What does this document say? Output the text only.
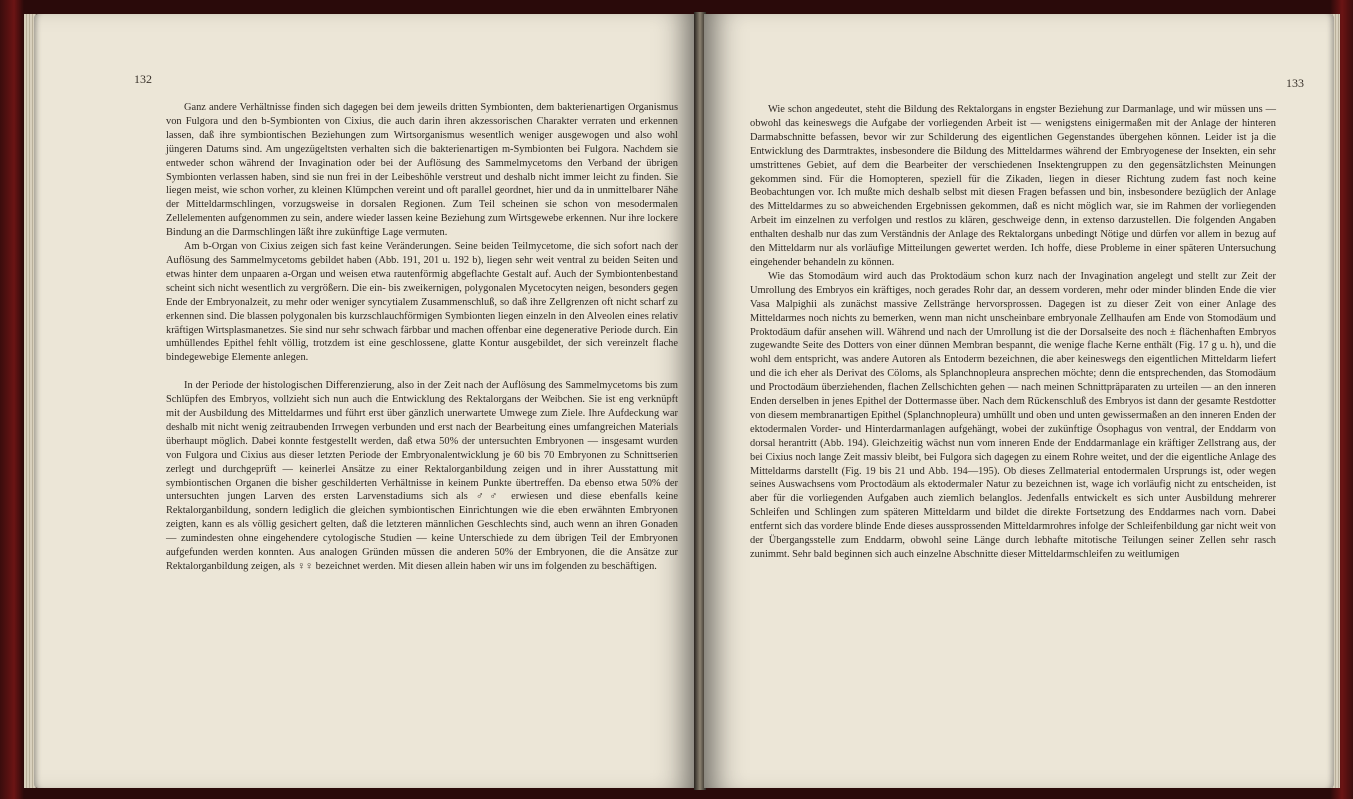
132

Ganz andere Verhältnisse finden sich dagegen bei dem jeweils dritten Symbionten, dem bakterienartigen Organismus von Fulgora und den b-Symbionten von Cixius, die auch darin ihren akzessorischen Charakter verraten und erkennen lassen, daß ihre symbiontischen Beziehungen zum Wirtsorganismus wesentlich weniger ausgewogen und also wohl jüngeren Datums sind. Am ungezügeltsten verhalten sich die bakterienartigen m-Symbionten bei Fulgora. Nachdem sie entweder schon während der Invagination oder bei der Auflösung des Sammelmycetoms den Verband der übrigen Symbionten verlassen haben, sind sie nun frei in der Leibeshöhle verstreut und deshalb nicht immer leicht zu finden. Sie liegen meist, wie schon vorher, zu kleinen Klümpchen vereint und oft parallel geordnet, hier und da in unmittelbarer Nähe der Mitteldarmschlingen, vorzugsweise in dorsalen Regionen. Zum Teil scheinen sie schon von mesodermalen Zellelementen aufgenommen zu sein, andere wieder lassen keine Beziehung zum Wirtsgewebe erkennen. Nur ihre lockere Bindung an die Darmschlingen läßt ihre zukünftige Lage vermuten.

Am b-Organ von Cixius zeigen sich fast keine Veränderungen. Seine beiden Teilmycetome, die sich sofort nach der Auflösung des Sammelmycetoms gebildet haben (Abb. 191, 201 u. 192 b), liegen sehr weit ventral zu beiden Seiten und etwas hinter dem unpaaren a-Organ und weisen etwa rautenförmig abgeflachte Gestalt auf. Auch der Symbiontenbestand scheint sich nicht wesentlich zu vergrößern. Die ein- bis zweikernigen, polygonalen Mycetocyten neigen, besonders gegen Ende der Embryonalzeit, zu mehr oder weniger syncytialem Zusammenschluß, so daß ihre Zellgrenzen oft nicht scharf zu erkennen sind. Die blassen polygonalen bis kurzschlauchförmigen Symbionten liegen einzeln in den Alveolen eines relativ kräftigen Wirtsplasmanetzes. Sie sind nur sehr schwach färbbar und machen offenbar eine degenerative Periode durch. Ein umhüllendes Epithel fehlt völlig, trotzdem ist eine geschlossene, glatte Kontur ausgebildet, der sich vereinzelt flache bindegewebige Elemente anlegen.

In der Periode der histologischen Differenzierung, also in der Zeit nach der Auflösung des Sammelmycetoms bis zum Schlüpfen des Embryos, vollzieht sich nun auch die Entwicklung des Rektalorgans der Weibchen. Sie ist eng verknüpft mit der Ausbildung des Mitteldarmes und führt erst über gänzlich unerwartete Umwege zum Ziele. Ihre Aufdeckung war deshalb mit nicht wenig zeitraubenden Irrwegen verbunden und erst nach der Bearbeitung eines umfangreichen Materials überhaupt möglich. Dabei konnte festgestellt werden, daß etwa 50% der untersuchten Embryonen — insgesamt wurden von Fulgora und Cixius aus dieser letzten Periode der Embryonalentwicklung je 60 bis 70 Embryonen zu Schnittserien zerlegt und durchgeprüft — keinerlei Ansätze zu einer Rektalorganbildung zeigen und in ihrer Ausstattung mit symbiontischen Organen die bisher geschilderten Verhältnisse in keinem Punkte übertreffen. Da ebenso etwa 50% der untersuchten jungen Larven des ersten Larvenstadiums sich als ♂♂ erwiesen und diese ebenfalls keine Rektalorganbildung, sondern lediglich die gleichen symbiontischen Einrichtungen wie die eben erwähnten Embryonen zeigten, kann es als völlig gesichert gelten, daß die letzteren männlichen Geschlechts sind, auch wenn an ihren Gonaden — zumindesten ohne eingehendere cytologische Studien — keine Unterschiede zu dem übrigen Teil der Embryonen aufgefunden werden konnten. Aus analogen Gründen müssen die anderen 50% der Embryonen, die die Ansätze zur Rektalorganbildung zeigen, als ♀♀ bezeichnet werden. Mit diesen allein haben wir uns im folgenden zu beschäftigen.

133

Wie schon angedeutet, steht die Bildung des Rektalorgans in engster Beziehung zur Darmanlage, und wir müssen uns — obwohl das keineswegs die Aufgabe der vorliegenden Arbeit ist — wenigstens einigermaßen mit der Anlage der hinteren Darmabschnitte befassen, bevor wir zur Schilderung des eigentlichen Gegenstandes übergehen können. Leider ist ja die Entwicklung des Darmtraktes, insbesondere die Bildung des Mitteldarmes während der Embryogenese der Insekten, ein sehr umstrittenes Gebiet, auf dem die Bearbeiter der verschiedenen Insektengruppen zu den gegensätzlichsten Meinungen gekommen sind. Für die Homopteren, speziell für die Zikaden, liegen in dieser Richtung zudem fast noch keine Beobachtungen vor. Ich mußte mich deshalb selbst mit diesen Fragen befassen und bin, insbesondere bezüglich der Anlage des Mitteldarmes zu so abweichenden Ergebnissen gekommen, daß es nicht möglich war, sie im Rahmen der vorliegenden Arbeit im einzelnen zu verfolgen und restlos zu klären, geschweige denn, in extenso darzustellen. Die folgenden Angaben enthalten deshalb nur das zum Verständnis der Anlage des Rektalorgans unbedingt Nötige und dürfen vor allem in bezug auf den Mitteldarm nur als vorläufige Mitteilungen gewertet werden. Ich hoffe, diese Probleme in einer späteren Untersuchung eingehender behandeln zu können.

Wie das Stomodäum wird auch das Proktodäum schon kurz nach der Invagination angelegt und stellt zur Zeit der Umrollung des Embryos ein kräftiges, noch gerades Rohr dar, an dessem vorderen, mehr oder minder blinden Ende die vier Vasa Malpighii als zunächst massive Zellstränge hervorsprossen. Dagegen ist zu dieser Zeit von einer Anlage des Mitteldarmes noch nichts zu bemerken, wenn man nicht unscheinbare embryonale Zellhaufen am Ende von Stomodäum und Proktodäum dafür ansehen will. Während und nach der Umrollung ist die der Dorsalseite des noch ± flächenhaften Embryos zugewandte Seite des Dotters von einer dünnen Membran bespannt, die wenige flache Kerne enthält (Fig. 17 g u. h), und die wohl dem entspricht, was andere Autoren als Entoderm bezeichnen, die aber keineswegs den eigentlichen Mitteldarm liefert und die ich eher als Derivat des Cöloms, als Splanchnopleura ansprechen möchte; denn die entsprechenden, das Stomodäum und Proctodäum überziehenden, flachen Zellschichten gehen — nach meinen Schnittpräparaten zu urteilen — an den inneren Enden derselben in jenes Epithel der Dottermasse über. Nach dem Rückenschluß des Embryos ist dann der gesamte Restdotter von diesem membranartigen Epithel (Splanchnopleura) umhüllt und oben und unten gewissermaßen an den inneren Enden der ektodermalen Vorder- und Hinterdarmanlagen aufgehängt, wobei der zukünftige Ösophagus von ventral, der Enddarm von dorsal herantritt (Abb. 194). Gleichzeitig wächst nun vom inneren Ende der Enddarmanlage ein kräftiger Zellstrang aus, der bei Cixius noch lange Zeit massiv bleibt, bei Fulgora sich dagegen zu einem Rohre weitet, und der die eigentliche Anlage des Mitteldarms darstellt (Fig. 19 bis 21 und Abb. 194—195). Ob dieses Zellmaterial entodermalen Ursprungs ist, oder wegen seines Auswachsens vom Proctodäum als ektodermaler Natur zu bezeichnen ist, wage ich vorläufig nicht zu entscheiden, ist aber für die vorliegenden Aufgaben auch ziemlich belanglos. Jedenfalls entwickelt es sich unter Ausbildung mehrerer Schleifen und Schlingen zum späteren Mitteldarm und bildet die direkte Fortsetzung des Enddarmes nach vorn. Dabei entfernt sich das vordere blinde Ende dieses aussprossenden Mitteldarmrohres infolge der Schleifenbildung gar nicht weit von der Übergangsstelle zum Enddarm, obwohl seine Länge durch lebhafte mitotische Teilungen seiner Zellen sehr rasch zunimmt. Sehr bald beginnen sich auch einzelne Abschnitte dieser Mitteldarmschleifen zu weitlumigen
